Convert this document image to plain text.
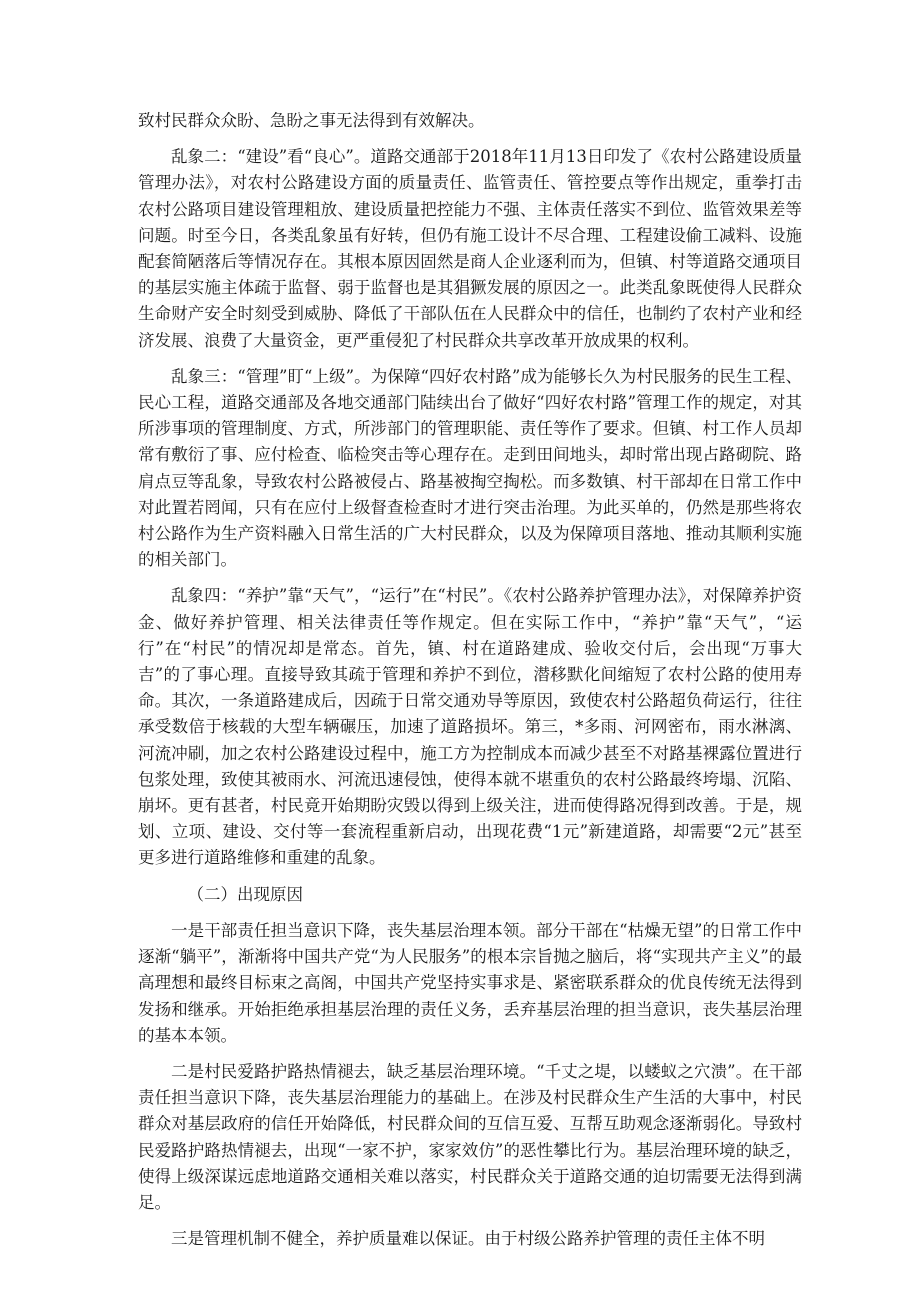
致村民群众众盼、急盼之事无法得到有效解决。

乱象二：“建设”看“良心”。道路交通部于2018年11月13日印发了《农村公路建设质量管理办法》，对农村公路建设方面的质量责任、监管责任、管控要点等作出规定，重拳打击农村公路项目建设管理粗放、建设质量把控能力不强、主体责任落实不到位、监管效果差等问题。时至今日，各类乱象虽有好转，但仍有施工设计不尽合理、工程建设偷工减料、设施配套简陋落后等情况存在。其根本原因固然是商人企业逐利而为，但镇、村等道路交通项目的基层实施主体疏于监督、弱于监督也是其猖獗发展的原因之一。此类乱象既使得人民群众生命财产安全时刻受到威胁、降低了干部队伍在人民群众中的信任，也制约了农村产业和经济发展、浪费了大量资金，更严重侵犯了村民群众共享改革开放成果的权利。

乱象三：“管理”盯“上级”。为保障“四好农村路”成为能够长久为村民服务的民生工程、民心工程，道路交通部及各地交通部门陆续出台了做好“四好农村路”管理工作的规定，对其所涉事项的管理制度、方式，所涉部门的管理职能、责任等作了要求。但镇、村工作人员却常有敷衍了事、应付检查、临检突击等心理存在。走到田间地头，却时常出现占路砌院、路肩点豆等乱象，导致农村公路被侵占、路基被掏空掏松。而多数镇、村干部却在日常工作中对此置若罔闻，只有在应付上级督查检查时才进行突击治理。为此买单的，仍然是那些将农村公路作为生产资料融入日常生活的广大村民群众，以及为保障项目落地、推动其顺利实施的相关部门。

乱象四：“养护”靠“天气”，“运行”在“村民”。《农村公路养护管理办法》，对保障养护资金、做好养护管理、相关法律责任等作规定。但在实际工作中，“养护”靠“天气”，“运行”在“村民”的情况却是常态。首先，镇、村在道路建成、验收交付后，会出现“万事大吉”的了事心理。直接导致其疏于管理和养护不到位，潜移默化间缩短了农村公路的使用寿命。其次，一条道路建成后，因疏于日常交通劝导等原因，致使农村公路超负荷运行，往往承受数倍于核载的大型车辆碾压，加速了道路损坏。第三，*多雨、河网密布，雨水淋漓、河流冲刷，加之农村公路建设过程中，施工方为控制成本而减少甚至不对路基裸露位置进行包浆处理，致使其被雨水、河流迅速侵蚀，使得本就不堪重负的农村公路最终垮塌、沉陷、崩坏。更有甚者，村民竟开始期盼灾毁以得到上级关注，进而使得路况得到改善。于是，规划、立项、建设、交付等一套流程重新启动，出现花费“1元”新建道路，却需要“2元”甚至更多进行道路维修和重建的乱象。

（二）出现原因

一是干部责任担当意识下降，丧失基层治理本领。部分干部在“枯燥无望”的日常工作中逐渐“躺平”，渐渐将中国共产党“为人民服务”的根本宗旨抛之脑后，将“实现共产主义”的最高理想和最终目标束之高阁，中国共产党坚持实事求是、紧密联系群众的优良传统无法得到发扬和继承。开始拒绝承担基层治理的责任义务，丢弃基层治理的担当意识，丧失基层治理的基本本领。

二是村民爱路护路热情褪去，缺乏基层治理环境。“千丈之堤，以蝼蚁之穴溃”。在干部责任担当意识下降，丧失基层治理能力的基础上。在涉及村民群众生产生活的大事中，村民群众对基层政府的信任开始降低，村民群众间的互信互爱、互帮互助观念逐渐弱化。导致村民爱路护路热情褪去，出现“一家不护，家家效仿”的恶性攀比行为。基层治理环境的缺乏，使得上级深谋远虑地道路交通相关难以落实，村民群众关于道路交通的迫切需要无法得到满足。

三是管理机制不健全，养护质量难以保证。由于村级公路养护管理的责任主体不明
